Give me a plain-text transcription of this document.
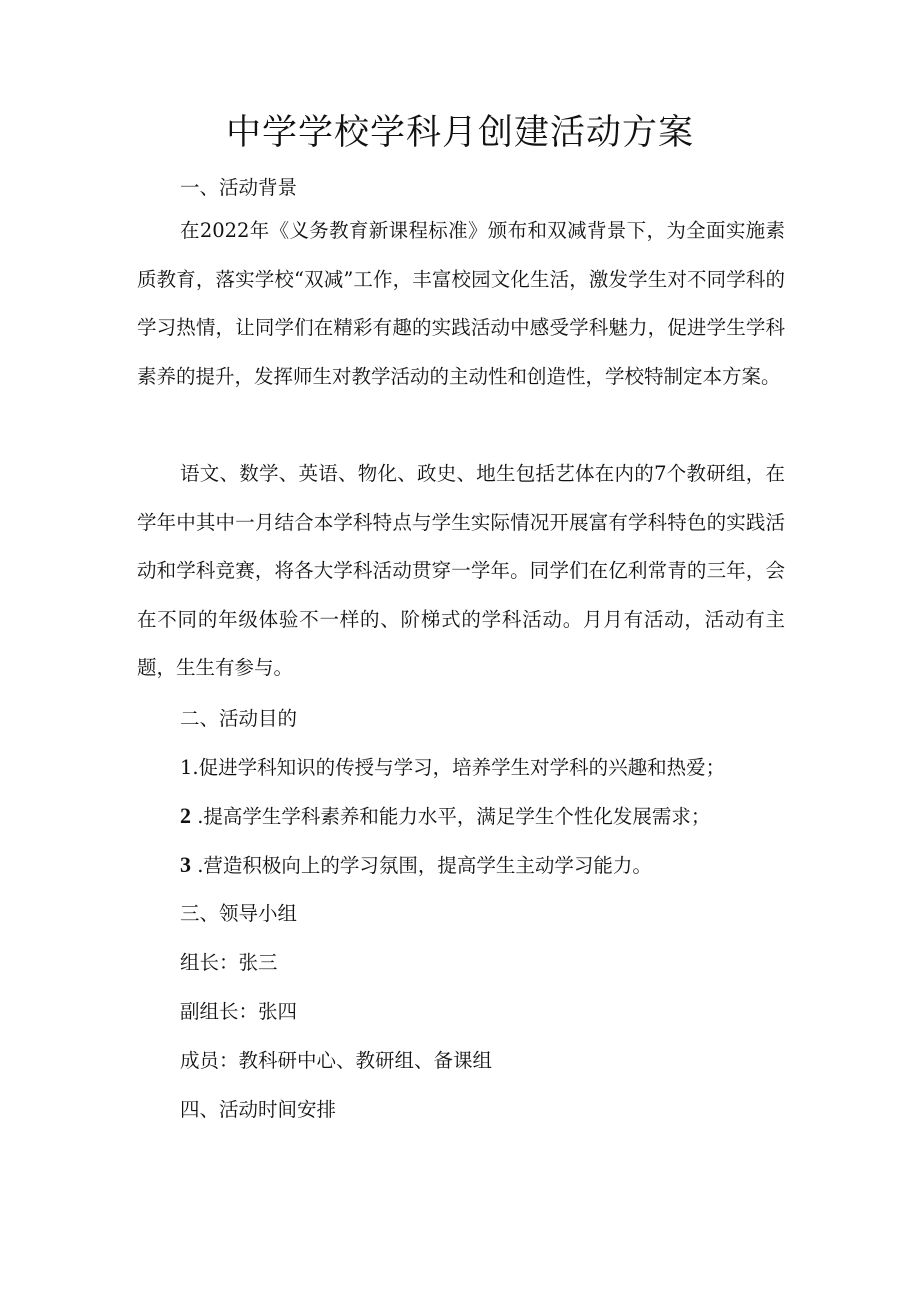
中学学校学科月创建活动方案
一、活动背景

在2022年《义务教育新课程标准》颁布和双减背景下，为全面实施素质教育，落实学校“双减”工作，丰富校园文化生活，激发学生对不同学科的学习热情，让同学们在精彩有趣的实践活动中感受学科魅力，促进学生学科素养的提升，发挥师生对教学活动的主动性和创造性，学校特制定本方案。

语文、数学、英语、物化、政史、地生包括艺体在内的7个教研组，在学年中其中一月结合本学科特点与学生实际情况开展富有学科特色的实践活动和学科竞赛，将各大学科活动贯穿一学年。同学们在亿利常青的三年，会在不同的年级体验不一样的、阶梯式的学科活动。月月有活动，活动有主题，生生有参与。

二、活动目的
1.促进学科知识的传授与学习，培养学生对学科的兴趣和热爱；
2 .提高学生学科素养和能力水平，满足学生个性化发展需求；
3 .营造积极向上的学习氛围，提高学生主动学习能力。
三、领导小组
组长：张三
副组长：张四
成员：教科研中心、教研组、备课组
四、活动时间安排
